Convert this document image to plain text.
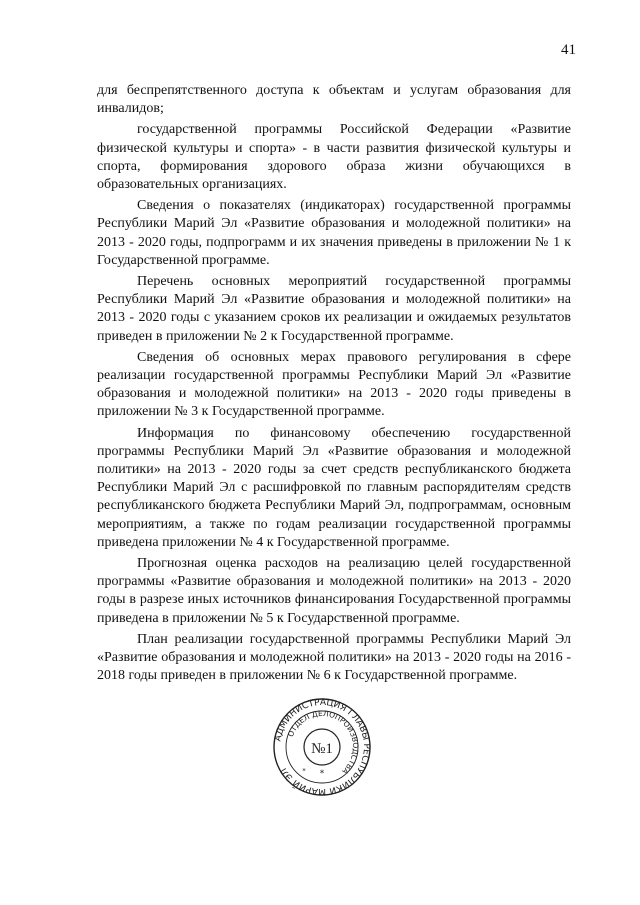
41

для беспрепятственного доступа к объектам и услугам образования для инвалидов;

государственной программы Российской Федерации «Развитие физической культуры и спорта» - в части развития физической культуры и спорта, формирования здорового образа жизни обучающихся в образовательных организациях.

Сведения о показателях (индикаторах) государственной программы Республики Марий Эл «Развитие образования и молодежной политики» на 2013 - 2020 годы, подпрограмм и их значения приведены в приложении № 1 к Государственной программе.

Перечень основных мероприятий государственной программы Республики Марий Эл «Развитие образования и молодежной политики» на 2013 - 2020 годы с указанием сроков их реализации и ожидаемых результатов приведен в приложении № 2 к Государственной программе.

Сведения об основных мерах правового регулирования в сфере реализации государственной программы Республики Марий Эл «Развитие образования и молодежной политики» на 2013 - 2020 годы приведены в приложении № 3 к Государственной программе.

Информация по финансовому обеспечению государственной программы Республики Марий Эл «Развитие образования и молодежной политики» на 2013 - 2020 годы за счет средств республиканского бюджета Республики Марий Эл с расшифровкой по главным распорядителям средств республиканского бюджета Республики Марий Эл, подпрограммам, основным мероприятиям, а также по годам реализации государственной программы приведена приложении № 4 к Государственной программе.

Прогнозная оценка расходов на реализацию целей государственной программы «Развитие образования и молодежной политики» на 2013 - 2020 годы в разрезе иных источников финансирования Государственной программы приведена в приложении № 5 к Государственной программе.

План реализации государственной программы Республики Марий Эл «Развитие образования и молодежной политики» на 2013 - 2020 годы на 2016 - 2018 годы приведен в приложении № 6 к Государственной программе.

АДМИНИСТРАЦИЯ ГЛАВЫ РЕСПУБЛИКИ МАРИЙ ЭЛ
ОТДЕЛ ДЕЛОПРОИЗВОДСТВА
№1
*
*
